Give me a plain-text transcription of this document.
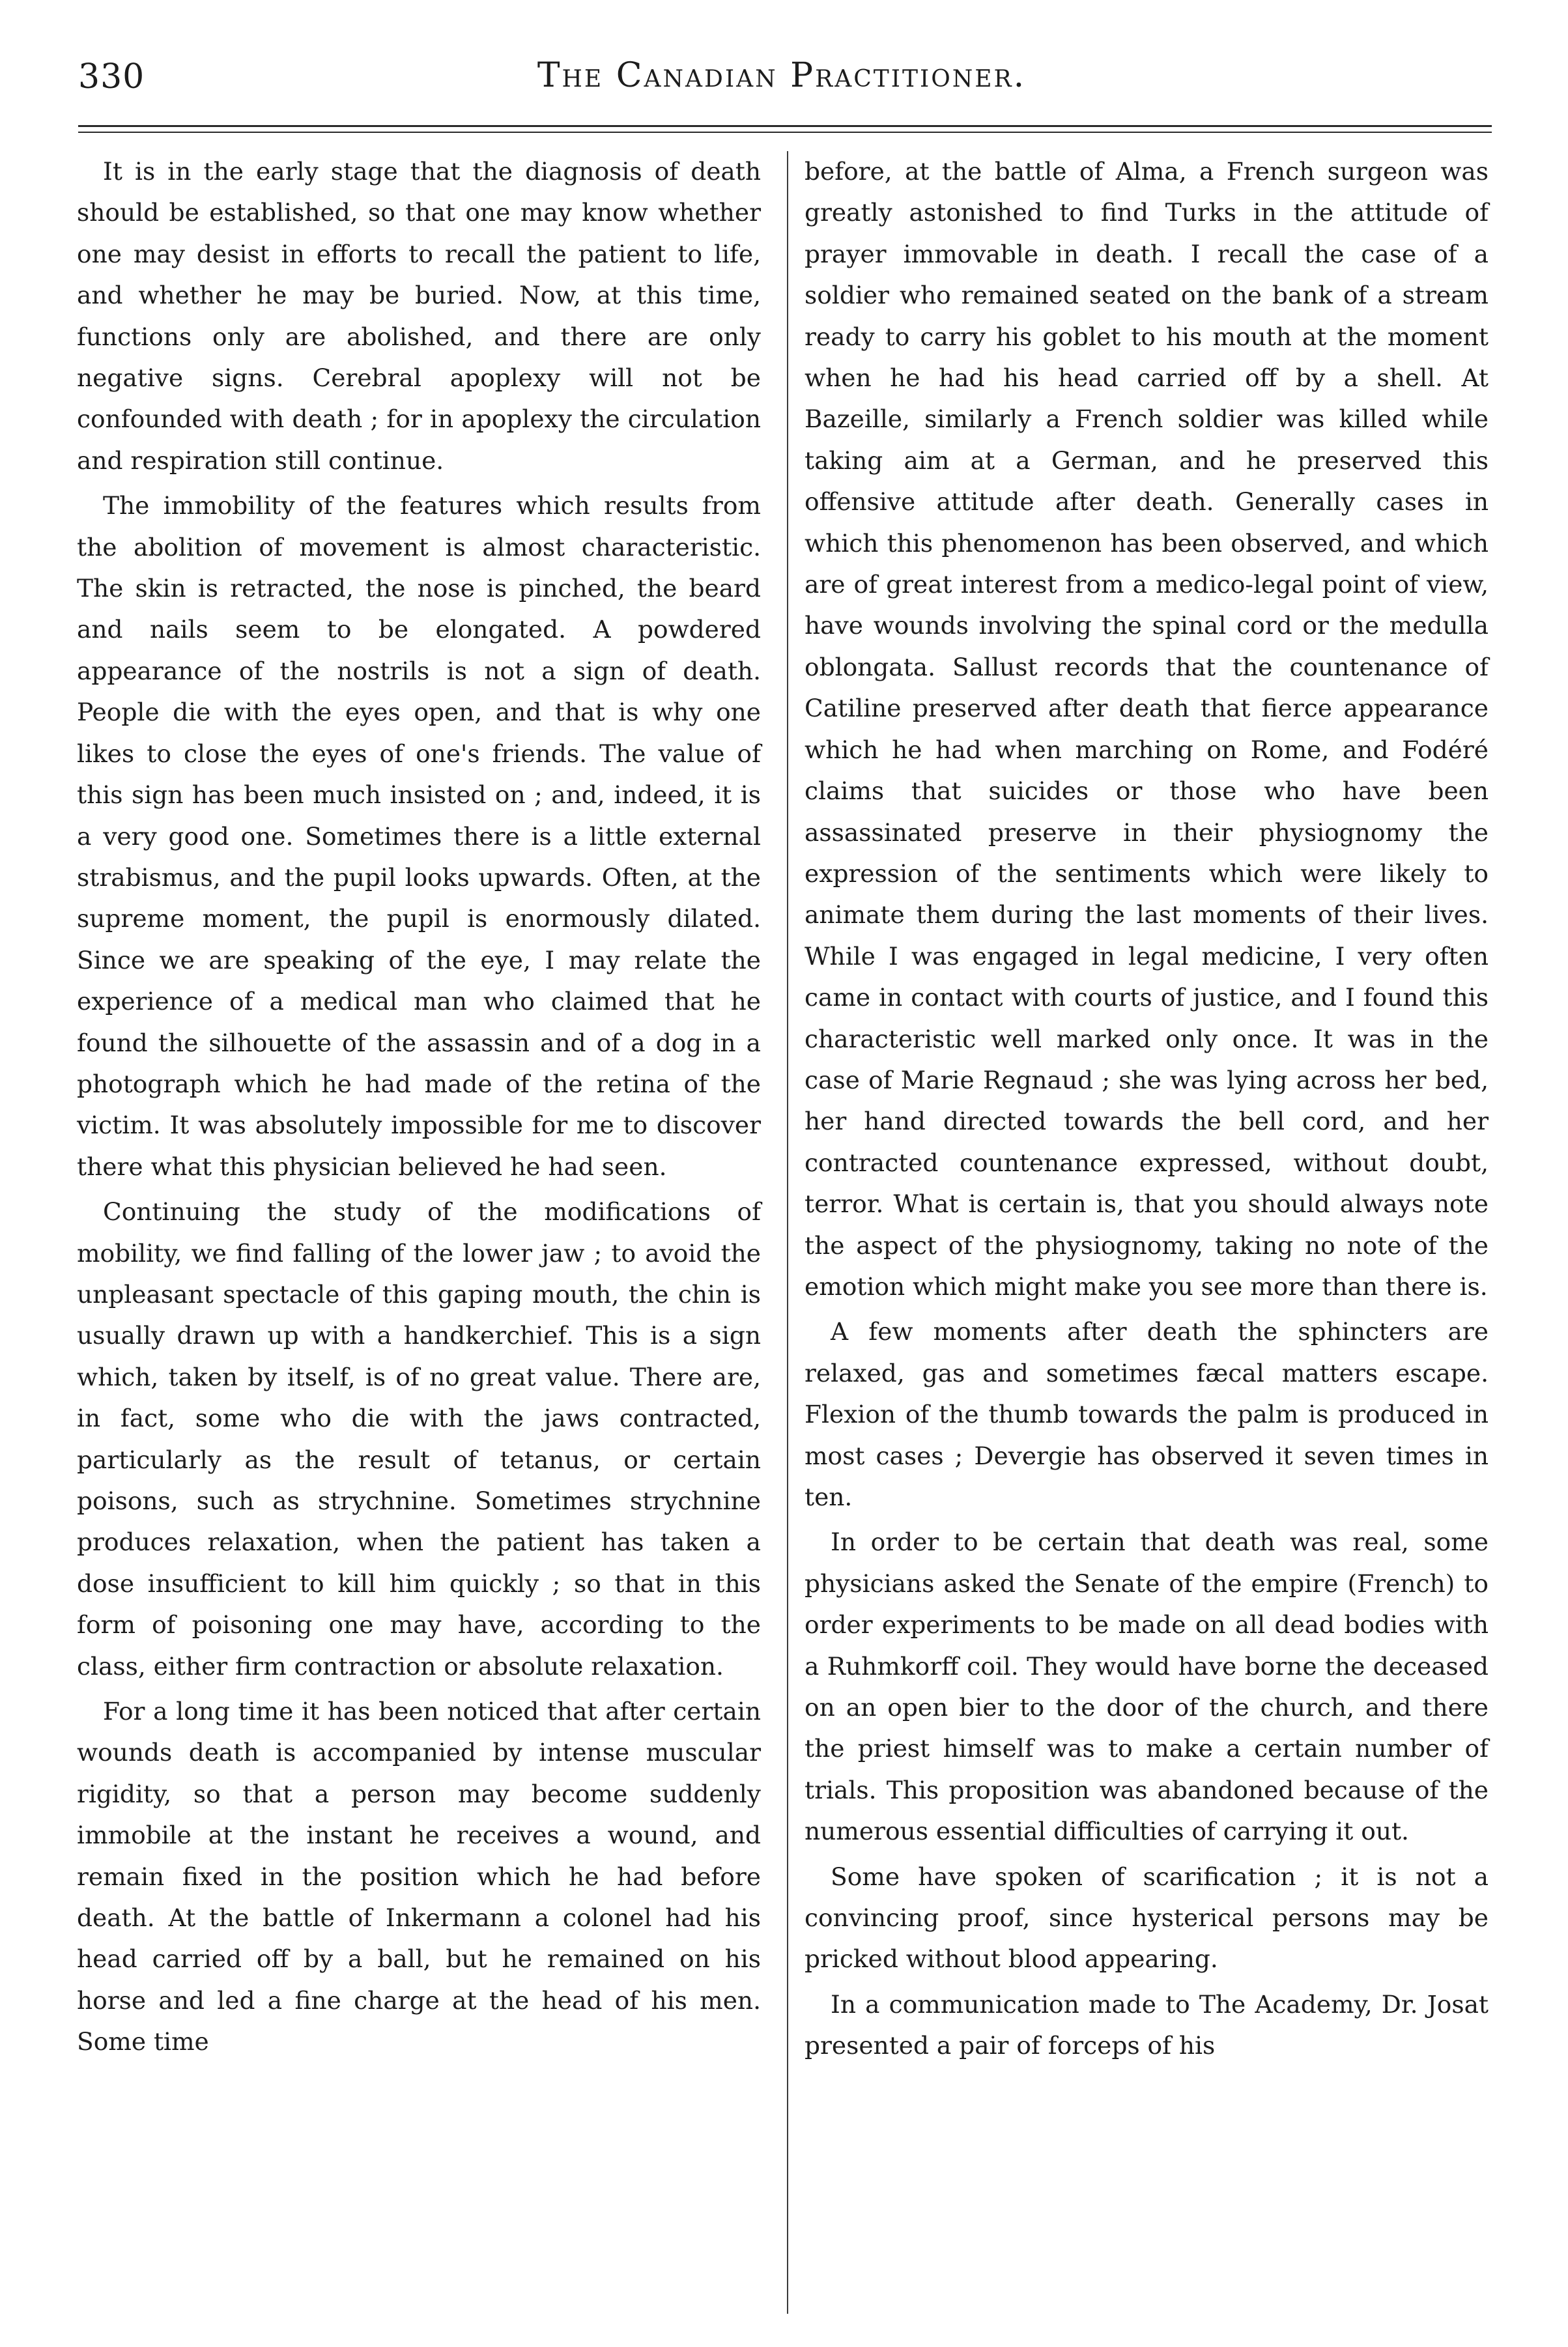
330	The Canadian Practitioner.

It is in the early stage that the diagnosis of death should be established, so that one may know whether one may desist in efforts to recall the patient to life, and whether he may be buried. Now, at this time, functions only are abolished, and there are only negative signs. Cerebral apoplexy will not be confounded with death ; for in apoplexy the circulation and respiration still continue.

The immobility of the features which results from the abolition of movement is almost characteristic. The skin is retracted, the nose is pinched, the beard and nails seem to be elongated. A powdered appearance of the nostrils is not a sign of death. People die with the eyes open, and that is why one likes to close the eyes of one's friends. The value of this sign has been much insisted on ; and, indeed, it is a very good one. Sometimes there is a little external strabismus, and the pupil looks upwards. Often, at the supreme moment, the pupil is enormously dilated. Since we are speaking of the eye, I may relate the experience of a medical man who claimed that he found the silhouette of the assassin and of a dog in a photograph which he had made of the retina of the victim. It was absolutely impossible for me to discover there what this physician believed he had seen.

Continuing the study of the modifications of mobility, we find falling of the lower jaw ; to avoid the unpleasant spectacle of this gaping mouth, the chin is usually drawn up with a handkerchief. This is a sign which, taken by itself, is of no great value. There are, in fact, some who die with the jaws contracted, particularly as the result of tetanus, or certain poisons, such as strychnine. Sometimes strychnine produces relaxation, when the patient has taken a dose insufficient to kill him quickly ; so that in this form of poisoning one may have, according to the class, either firm contraction or absolute relaxation.

For a long time it has been noticed that after certain wounds death is accompanied by intense muscular rigidity, so that a person may become suddenly immobile at the instant he receives a wound, and remain fixed in the position which he had before death. At the battle of Inkermann a colonel had his head carried off by a ball, but he remained on his horse and led a fine charge at the head of his men. Some time

before, at the battle of Alma, a French surgeon was greatly astonished to find Turks in the attitude of prayer immovable in death. I recall the case of a soldier who remained seated on the bank of a stream ready to carry his goblet to his mouth at the moment when he had his head carried off by a shell. At Bazeille, similarly a French soldier was killed while taking aim at a German, and he preserved this offensive attitude after death. Generally cases in which this phenomenon has been observed, and which are of great interest from a medico-legal point of view, have wounds involving the spinal cord or the medulla oblongata. Sallust records that the countenance of Catiline preserved after death that fierce appearance which he had when marching on Rome, and Fodéré claims that suicides or those who have been assassinated preserve in their physiognomy the expression of the sentiments which were likely to animate them during the last moments of their lives. While I was engaged in legal medicine, I very often came in contact with courts of justice, and I found this characteristic well marked only once. It was in the case of Marie Regnaud ; she was lying across her bed, her hand directed towards the bell cord, and her contracted countenance expressed, without doubt, terror. What is certain is, that you should always note the aspect of the physiognomy, taking no note of the emotion which might make you see more than there is.

A few moments after death the sphincters are relaxed, gas and sometimes fæcal matters escape. Flexion of the thumb towards the palm is produced in most cases ; Devergie has observed it seven times in ten.

In order to be certain that death was real, some physicians asked the Senate of the empire (French) to order experiments to be made on all dead bodies with a Ruhmkorff coil. They would have borne the deceased on an open bier to the door of the church, and there the priest himself was to make a certain number of trials. This proposition was abandoned because of the numerous essential difficulties of carrying it out.

Some have spoken of scarification ; it is not a convincing proof, since hysterical persons may be pricked without blood appearing.

In a communication made to The Academy, Dr. Josat presented a pair of forceps of his
